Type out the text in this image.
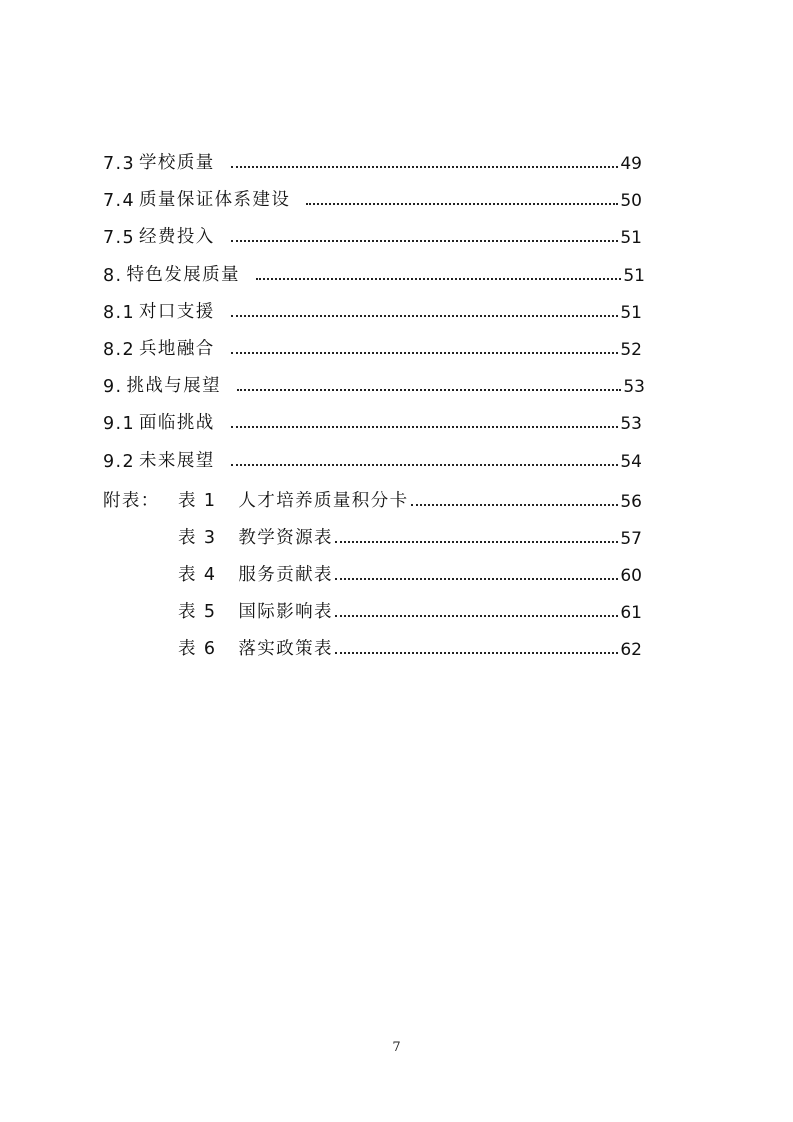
7.3 学校质量	49
7.4 质量保证体系建设	50
7.5 经费投入	51
8. 特色发展质量	51
8.1 对口支援	51
8.2 兵地融合	52
9. 挑战与展望	53
9.1 面临挑战	53
9.2 未来展望	54
附表： 表 1 人才培养质量积分卡	56
表 3 教学资源表	57
表 4 服务贡献表	60
表 5 国际影响表	61
表 6 落实政策表	62
7
